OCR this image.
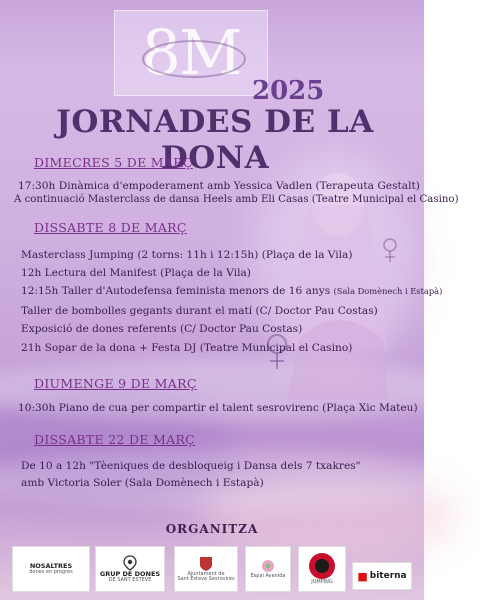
8M
2025
JORNADES DE LA DONA
DIMECRES 5 DE MARÇ
17:30h Dinàmica d'empoderament amb Yessica Vadlen (Terapeuta Gestalt)
A continuació Masterclass de dansa Heels amb Eli Casas (Teatre Municipal el Casino)
DISSABTE 8 DE MARÇ
Masterclass Jumping (2 torns: 11h i 12:15h) (Plaça de la Vila)
12h Lectura del Manifest (Plaça de la Vila)
12:15h Taller d'Autodefensa feminista menors de 16 anys (Sala Domènech i Estapà)
Taller de bombolles gegants durant el matí (C/ Doctor Pau Costas)
Exposició de dones referents (C/ Doctor Pau Costas)
21h Sopar de la dona + Festa DJ (Teatre Municipal el Casino)
DIUMENGE 9 DE MARÇ
10:30h Piano de cua per compartir el talent sesrovirenc (Plaça Xic Mateu)
DISSABTE 22 DE MARÇ
De 10 a 12h "Tèeniques de desbloqueig i Dansa dels 7 txakres"
amb Victoria Soler (Sala Domènech i Estapà)
ORGANITZA
NOSALTRES
dones en progrés	GRUP DE DONES
DE SANT ESTEVE
Ajuntament de
Sant Esteve Sesrovires	Espai Avenida
JUMPING ■ biterna
